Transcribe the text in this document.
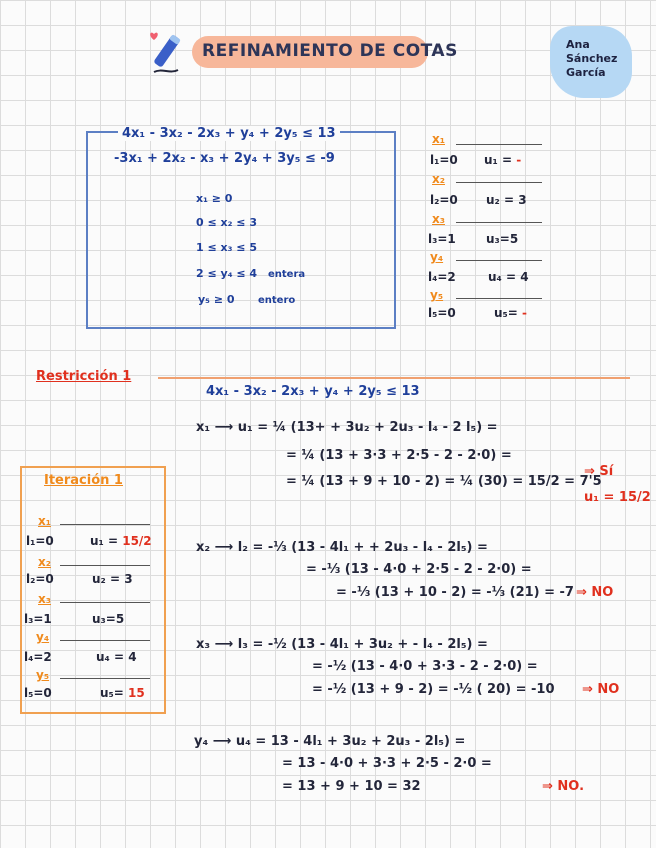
REFINAMIENTO DE COTAS	Ana
Sánchez
García
4x₁ - 3x₂ - 2x₃ + y₄ + 2y₅ ≤ 13
-3x₁ + 2x₂ - x₃ + 2y₄ + 3y₅ ≤ -9
x₁ ≥ 0
0 ≤ x₂ ≤ 3
1 ≤ x₃ ≤ 5
2 ≤ y₄ ≤ 4 entera
y₅ ≥ 0 entero
x₁
l₁=0 u₁ = -
x₂
l₂=0 u₂ = 3
x₃
l₃=1	u₃=5
y₄
l₄=2	u₄ = 4
y₅
l₅=0	u₅= -
Restricción 1
4x₁ - 3x₂ - 2x₃ + y₄ + 2y₅ ≤ 13
Iteración 1
x₁
l₁=0	u₁ = 15/2
x₂
l₂=0	u₂ = 3
x₃
l₃=1	u₃=5
y₄
l₄=2	u₄ = 4
y₅
l₅=0	u₅= 15
x₁ ⟶ u₁ = ¼ (13+ + 3u₂ + 2u₃ - l₄ - 2 l₅) =
= ¼ (13 + 3·3 + 2·5 - 2 - 2·0) =
= ¼ (13 + 9 + 10 - 2) = ¼ (30) = 15/2 = 7'5
⇒ Sí
u₁ = 15/2
x₂ ⟶ l₂ = -⅓ (13 - 4l₁ + + 2u₃ - l₄ - 2l₅) =
= -⅓ (13 - 4·0 + 2·5 - 2 - 2·0) =
= -⅓ (13 + 10 - 2) = -⅓ (21) = -7 ⇒ NO
x₃ ⟶ l₃ = -½ (13 - 4l₁ + 3u₂ + - l₄ - 2l₅) =
= -½ (13 - 4·0 + 3·3 - 2 - 2·0) =
= -½ (13 + 9 - 2) = -½ ( 20) = -10 ⇒ NO
y₄ ⟶ u₄ = 13 - 4l₁ + 3u₂ + 2u₃ - 2l₅) =
= 13 - 4·0 + 3·3 + 2·5 - 2·0 =
= 13 + 9 + 10 = 32	⇒ NO.
